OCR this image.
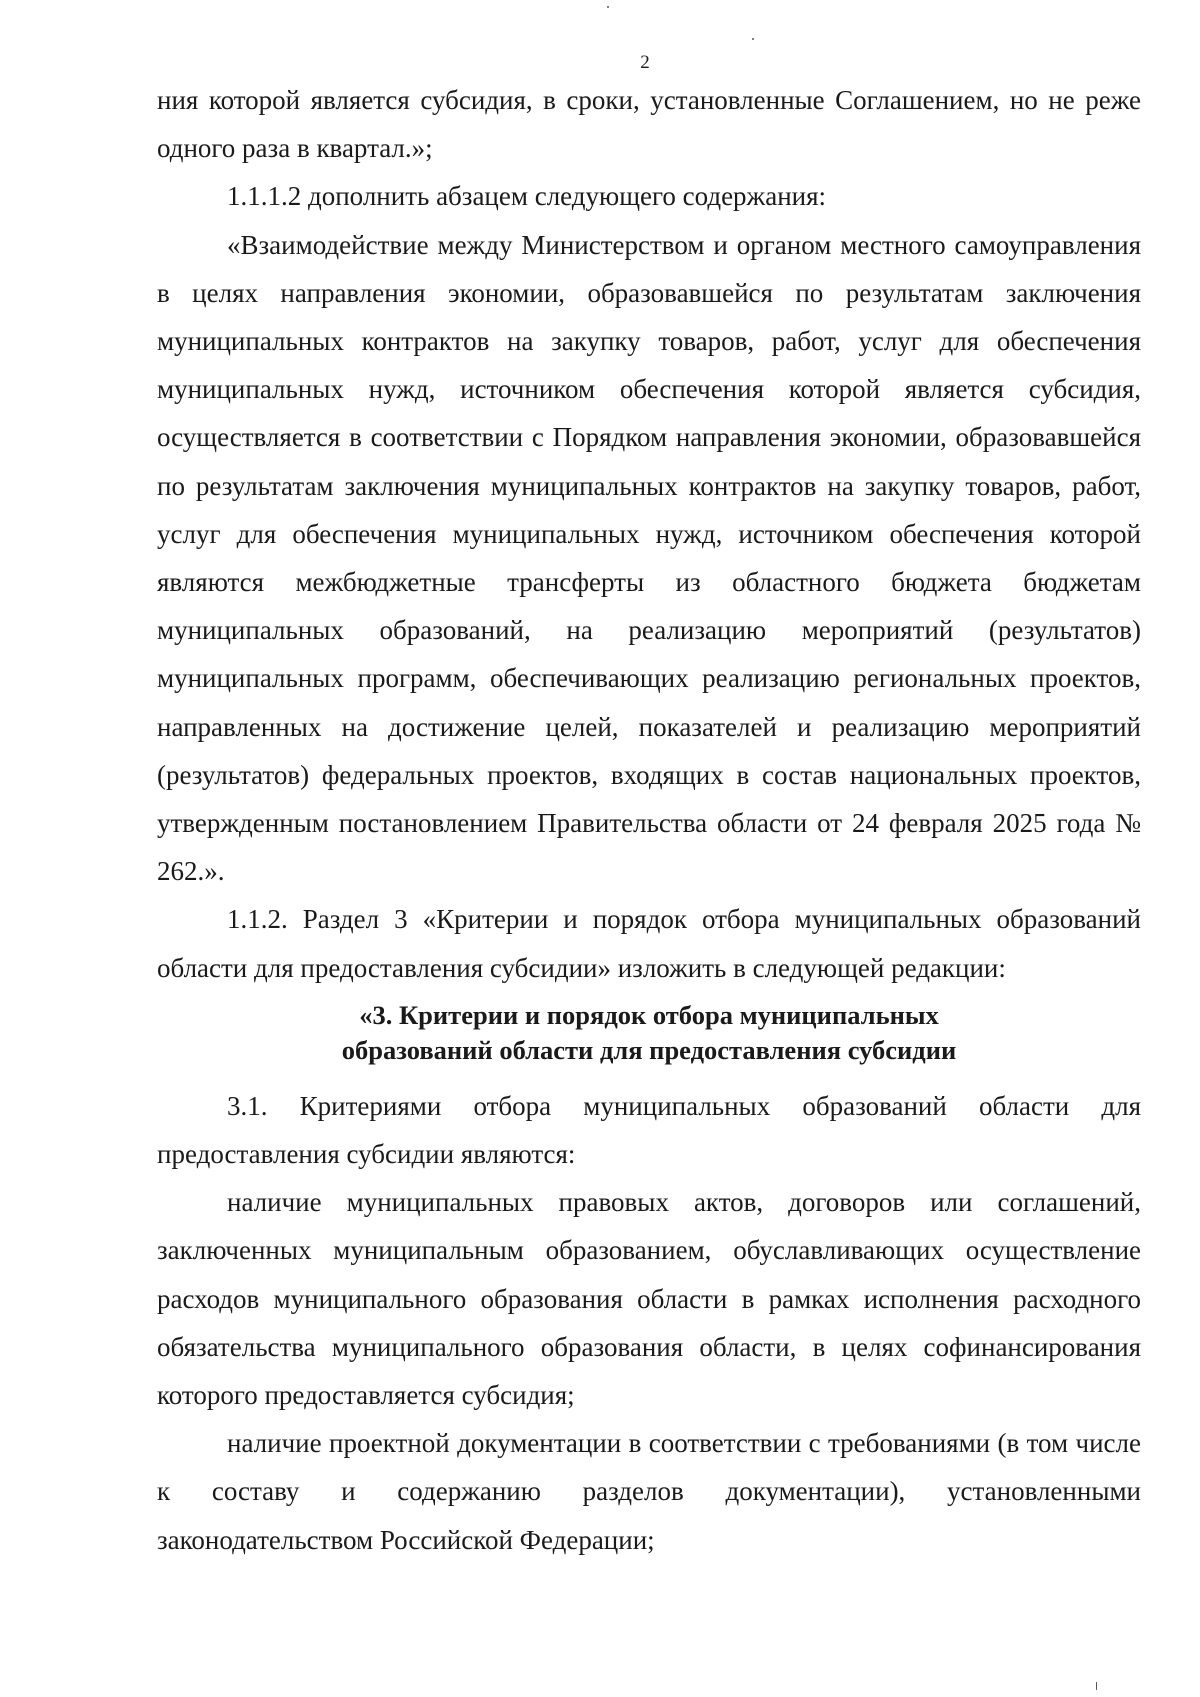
2

ния которой является субсидия, в сроки, установленные Соглашением, но не реже одного раза в квартал.»;

1.1.1.2 дополнить абзацем следующего содержания:

«Взаимодействие между Министерством и органом местного самоуправления в целях направления экономии, образовавшейся по результатам заключения муниципальных контрактов на закупку товаров, работ, услуг для обеспечения муниципальных нужд, источником обеспечения которой является субсидия, осуществляется в соответствии с Порядком направления экономии, образовавшейся по результатам заключения муниципальных контрактов на закупку товаров, работ, услуг для обеспечения муниципальных нужд, источником обеспечения которой являются межбюджетные трансферты из областного бюджета бюджетам муниципальных образований, на реализацию мероприятий (результатов) муниципальных программ, обеспечивающих реализацию региональных проектов, направленных на достижение целей, показателей и реализацию мероприятий (результатов) федеральных проектов, входящих в состав национальных проектов, утвержденным постановлением Правительства области от 24 февраля 2025 года № 262.».

1.1.2. Раздел 3 «Критерии и порядок отбора муниципальных образований области для предоставления субсидии» изложить в следующей редакции:

«3. Критерии и порядок отбора муниципальных
образований области для предоставления субсидии

3.1. Критериями отбора муниципальных образований области для предоставления субсидии являются:

наличие муниципальных правовых актов, договоров или соглашений, заключенных муниципальным образованием, обуславливающих осуществление расходов муниципального образования области в рамках исполнения расходного обязательства муниципального образования области, в целях софинансирования которого предоставляется субсидия;

наличие проектной документации в соответствии с требованиями (в том числе к составу и содержанию разделов документации), установленными законодательством Российской Федерации;
